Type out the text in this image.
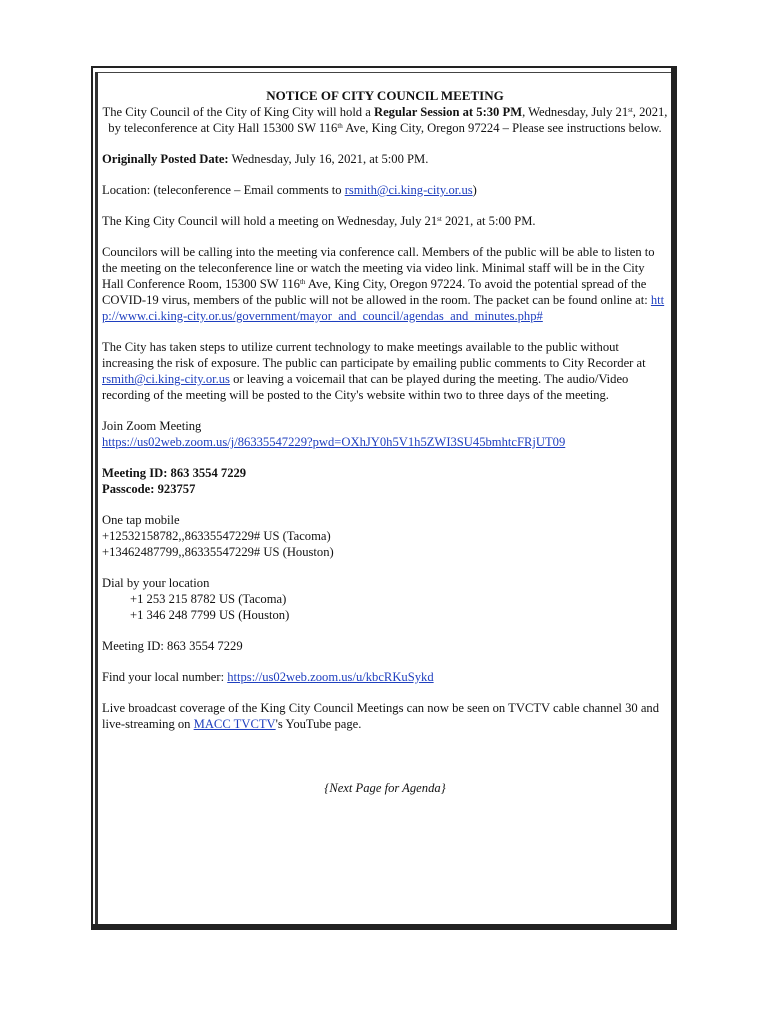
NOTICE OF CITY COUNCIL MEETING

The City Council of the City of King City will hold a Regular Session at 5:30 PM, Wednesday, July 21st, 2021, by teleconference at City Hall 15300 SW 116th Ave, King City, Oregon 97224 – Please see instructions below.

Originally Posted Date: Wednesday, July 16, 2021, at 5:00 PM.

Location: (teleconference – Email comments to rsmith@ci.king-city.or.us)

The King City Council will hold a meeting on Wednesday, July 21st 2021, at 5:00 PM.

Councilors will be calling into the meeting via conference call. Members of the public will be able to listen to the meeting on the teleconference line or watch the meeting via video link. Minimal staff will be in the City Hall Conference Room, 15300 SW 116th Ave, King City, Oregon 97224. To avoid the potential spread of the COVID-19 virus, members of the public will not be allowed in the room. The packet can be found online at: http://www.ci.king-city.or.us/government/mayor_and_council/agendas_and_minutes.php#

The City has taken steps to utilize current technology to make meetings available to the public without increasing the risk of exposure. The public can participate by emailing public comments to City Recorder at rsmith@ci.king-city.or.us or leaving a voicemail that can be played during the meeting. The audio/Video recording of the meeting will be posted to the City's website within two to three days of the meeting.

Join Zoom Meeting

https://us02web.zoom.us/j/86335547229?pwd=OXhJY0h5V1h5ZWI3SU45bmhtcFRjUT09

Meeting ID: 863 3554 7229

Passcode: 923757

One tap mobile

+12532158782,,86335547229# US (Tacoma)

+13462487799,,86335547229# US (Houston)

Dial by your location

+1 253 215 8782 US (Tacoma)

+1 346 248 7799 US (Houston)

Meeting ID: 863 3554 7229

Find your local number: https://us02web.zoom.us/u/kbcRKuSykd

Live broadcast coverage of the King City Council Meetings can now be seen on TVCTV cable channel 30 and live-streaming on MACC TVCTV's YouTube page.

{Next Page for Agenda}
